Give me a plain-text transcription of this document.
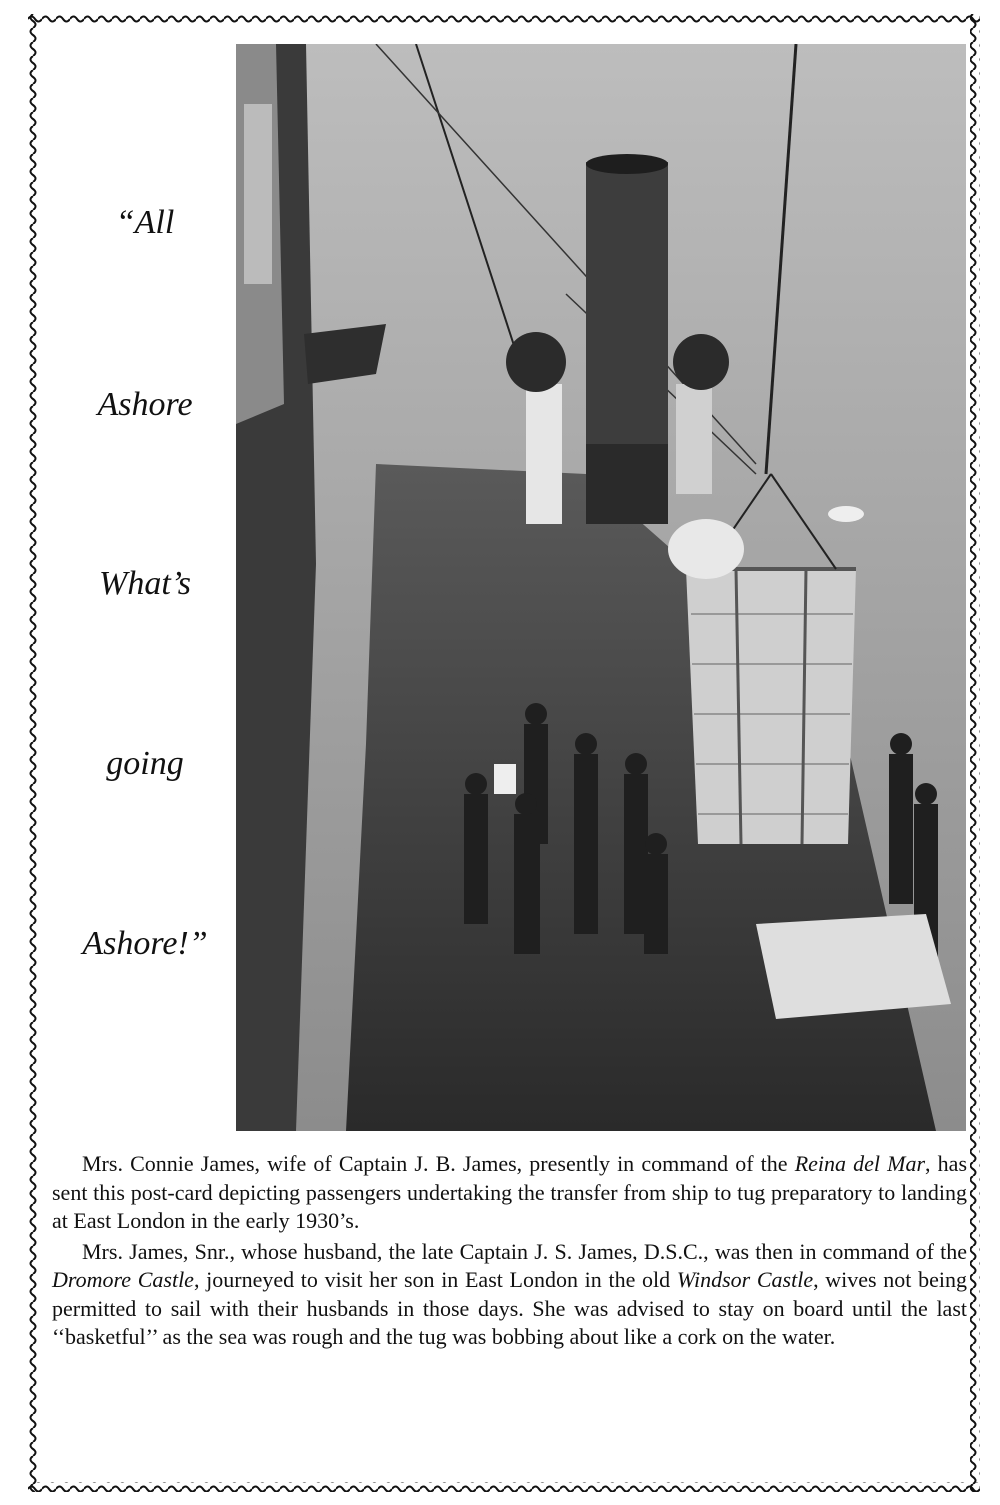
“All
Ashore
What’s
going
Ashore!”

Mrs. Connie James, wife of Captain J. B. James, presently in command of the Reina del Mar, has sent this post-card depicting passengers undertaking the transfer from ship to tug preparatory to landing at East London in the early 1930’s.

Mrs. James, Snr., whose husband, the late Captain J. S. James, D.S.C., was then in command of the Dromore Castle, journeyed to visit her son in East London in the old Windsor Castle, wives not being permitted to sail with their husbands in those days. She was advised to stay on board until the last ‘‘basketful’’ as the sea was rough and the tug was bobbing about like a cork on the water.
